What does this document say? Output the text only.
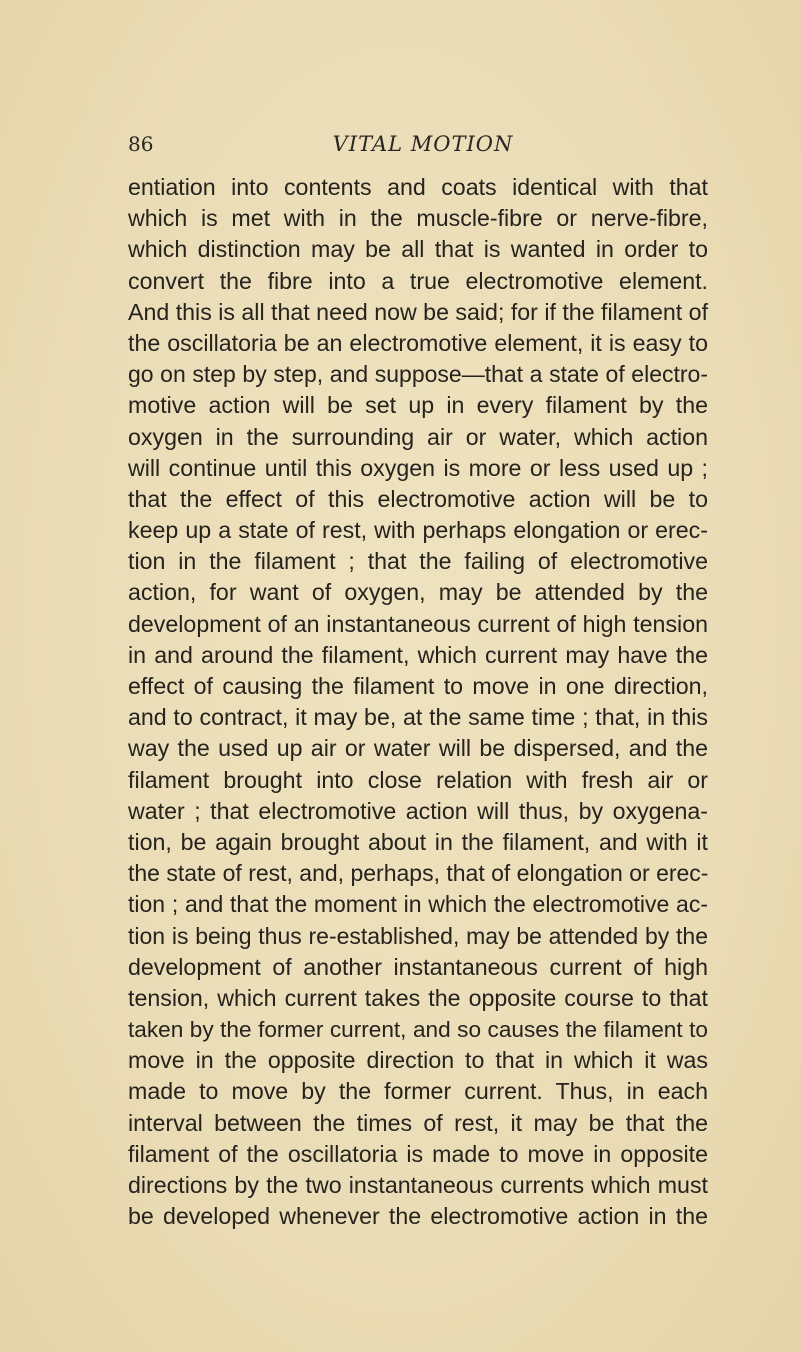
86	VITAL MOTION
entiation into contents and coats identical with that
which is met with in the muscle-fibre or nerve-fibre,
which distinction may be all that is wanted in order to
convert the fibre into a true electromotive element.
And this is all that need now be said; for if the filament of
the oscillatoria be an electromotive element, it is easy to
go on step by step, and suppose—that a state of electro-
motive action will be set up in every filament by the
oxygen in the surrounding air or water, which action
will continue until this oxygen is more or less used up ;
that the effect of this electromotive action will be to
keep up a state of rest, with perhaps elongation or erec-
tion in the filament ; that the failing of electromotive
action, for want of oxygen, may be attended by the
development of an instantaneous current of high tension
in and around the filament, which current may have the
effect of causing the filament to move in one direction,
and to contract, it may be, at the same time ; that, in this
way the used up air or water will be dispersed, and the
filament brought into close relation with fresh air or
water ; that electromotive action will thus, by oxygena-
tion, be again brought about in the filament, and with it
the state of rest, and, perhaps, that of elongation or erec-
tion ; and that the moment in which the electromotive ac-
tion is being thus re-established, may be attended by the
development of another instantaneous current of high
tension, which current takes the opposite course to that
taken by the former current, and so causes the filament to
move in the opposite direction to that in which it was
made to move by the former current. Thus, in each
interval between the times of rest, it may be that the
filament of the oscillatoria is made to move in opposite
directions by the two instantaneous currents which must
be developed whenever the electromotive action in the
